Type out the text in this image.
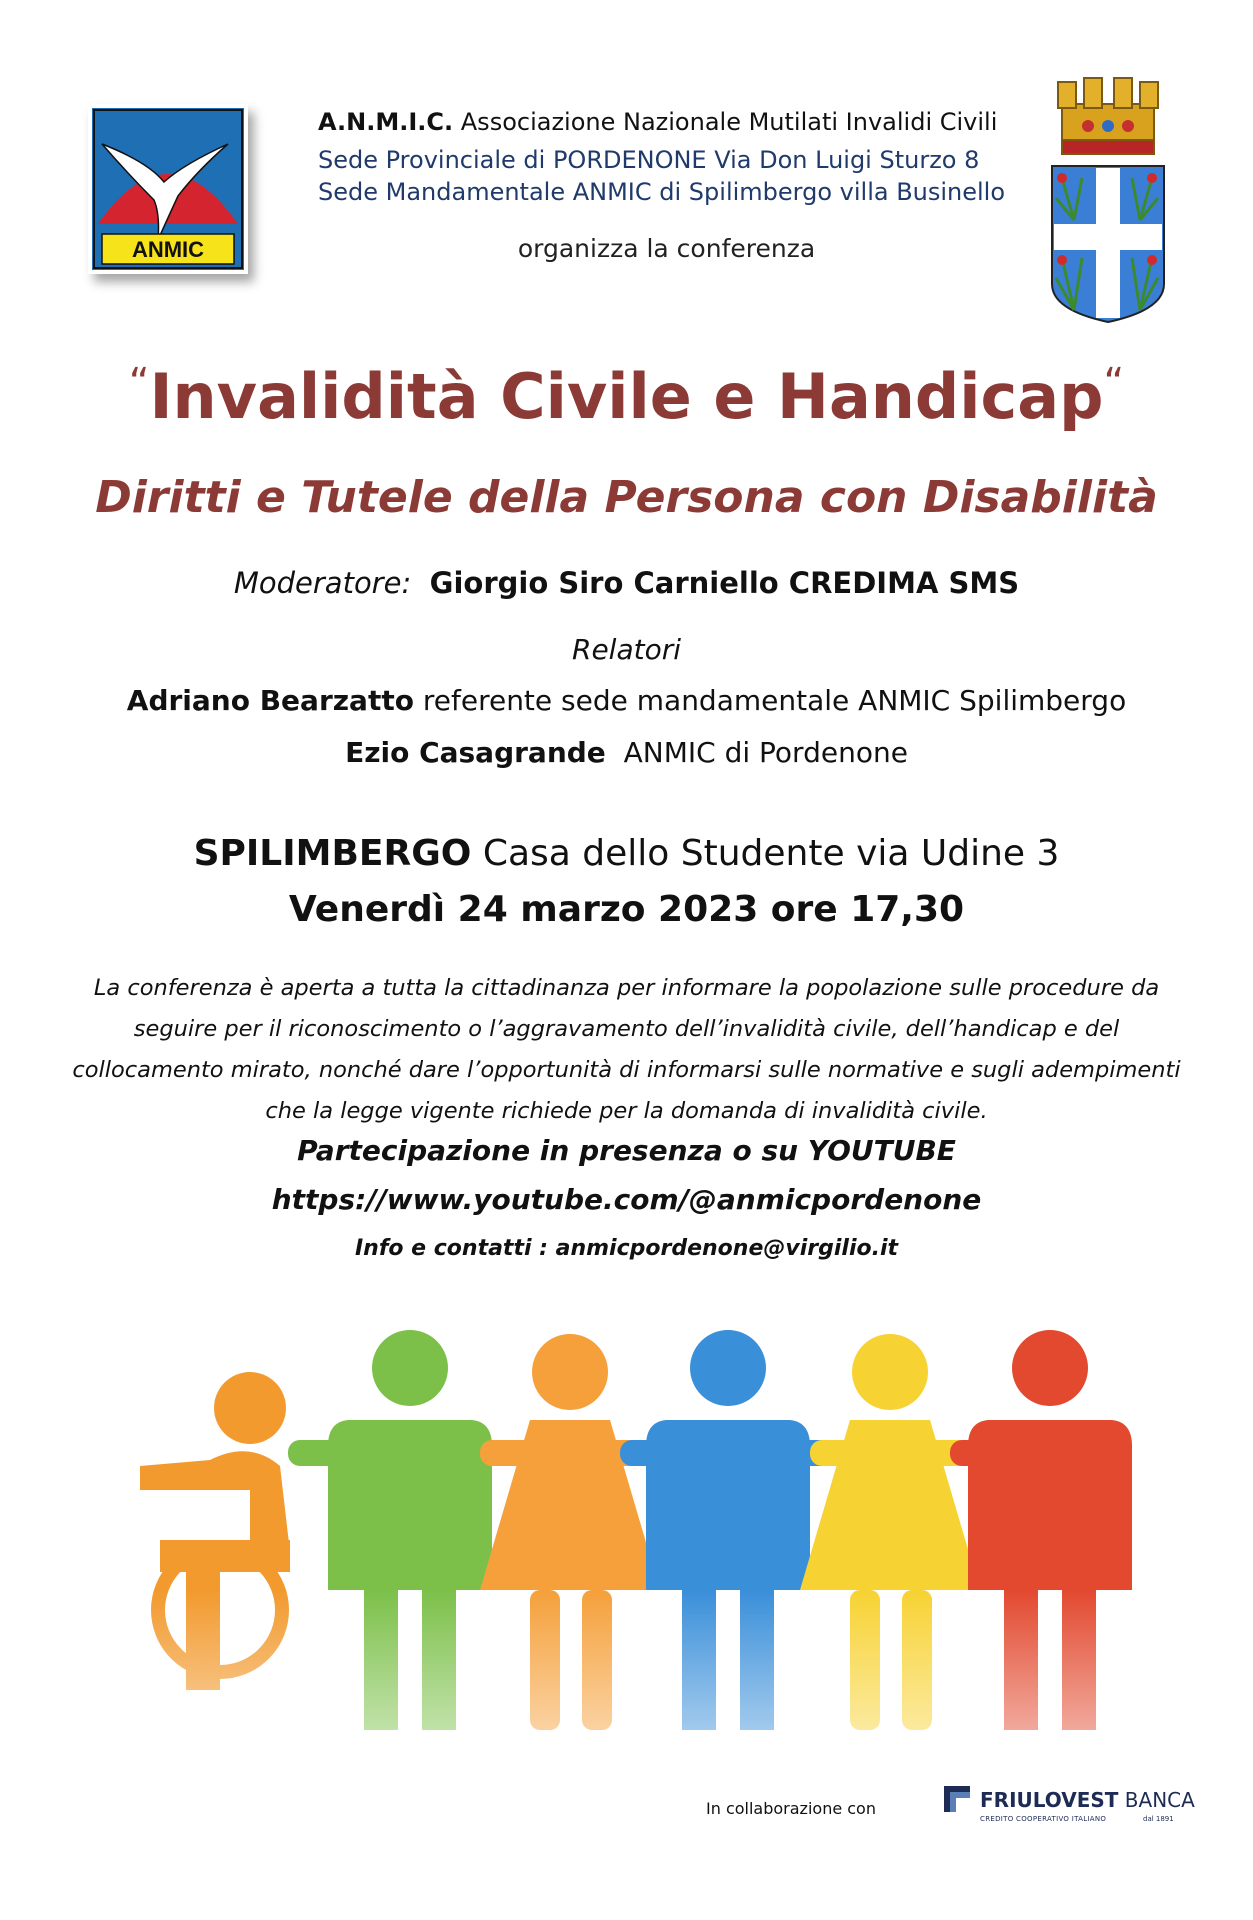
ANMIC
A.N.M.I.C. Associazione Nazionale Mutilati Invalidi Civili
Sede Provinciale di PORDENONE Via Don Luigi Sturzo 8
Sede Mandamentale ANMIC di Spilimbergo villa Businello
organizza la conferenza
“Invalidità Civile e Handicap“
Diritti e Tutele della Persona con Disabilità
Moderatore: Giorgio Siro Carniello CREDIMA SMS
Relatori
Adriano Bearzatto referente sede mandamentale ANMIC Spilimbergo
Ezio Casagrande ANMIC di Pordenone
SPILIMBERGO Casa dello Studente via Udine 3
Venerdì 24 marzo 2023 ore 17,30
La conferenza è aperta a tutta la cittadinanza per informare la popolazione sulle procedure da
seguire per il riconoscimento o l’aggravamento dell’invalidità civile, dell’handicap e del
collocamento mirato, nonché dare l’opportunità di informarsi sulle normative e sugli adempimenti
che la legge vigente richiede per la domanda di invalidità civile.
Partecipazione in presenza o su YOUTUBE
https://www.youtube.com/@anmicpordenone
Info e contatti : anmicpordenone@virgilio.it
In collaborazione con	FRIULOVEST BANCA
CREDITO COOPERATIVO ITALIANO	dal 1891
